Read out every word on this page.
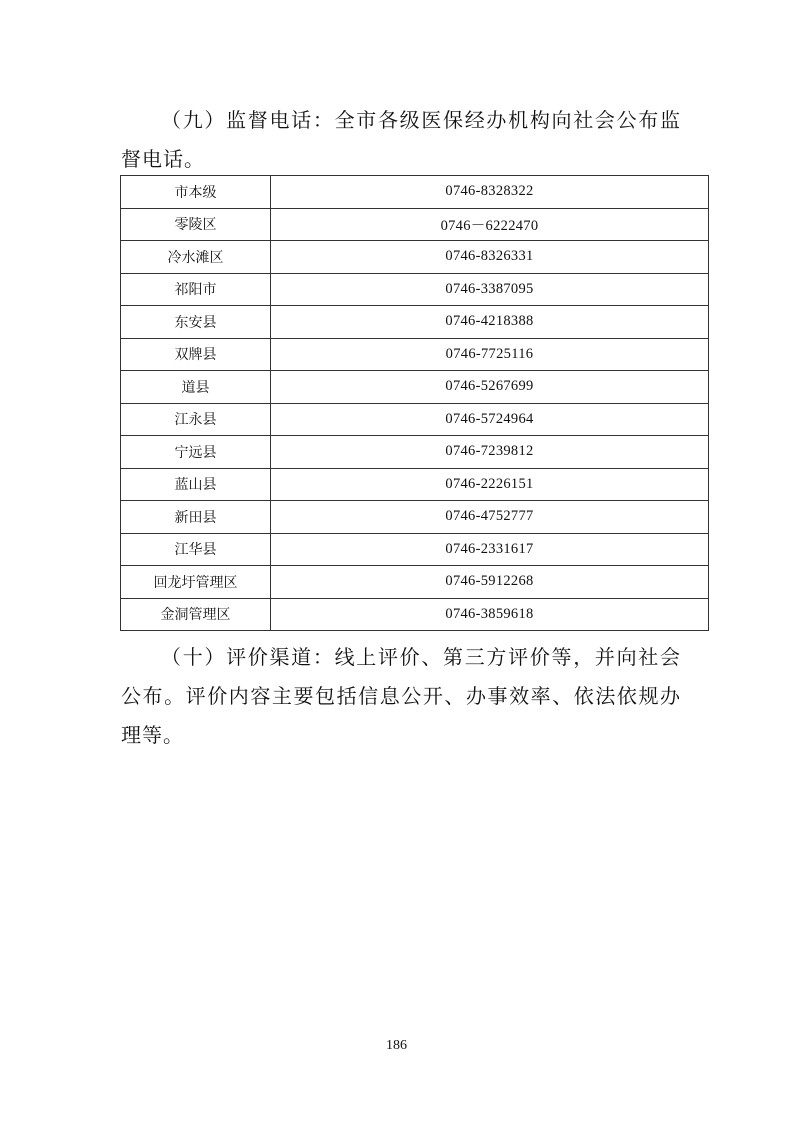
（九）监督电话：全市各级医保经办机构向社会公布监督电话。

市本级	0746-8328322
零陵区	0746－6222470
冷水滩区	0746-8326331
祁阳市	0746-3387095
东安县	0746-4218388
双牌县	0746-7725116
道县	0746-5267699
江永县	0746-5724964
宁远县	0746-7239812
蓝山县	0746-2226151
新田县	0746-4752777
江华县	0746-2331617
回龙圩管理区	0746-5912268
金洞管理区	0746-3859618

（十）评价渠道：线上评价、第三方评价等，并向社会公布。评价内容主要包括信息公开、办事效率、依法依规办理等。

186
